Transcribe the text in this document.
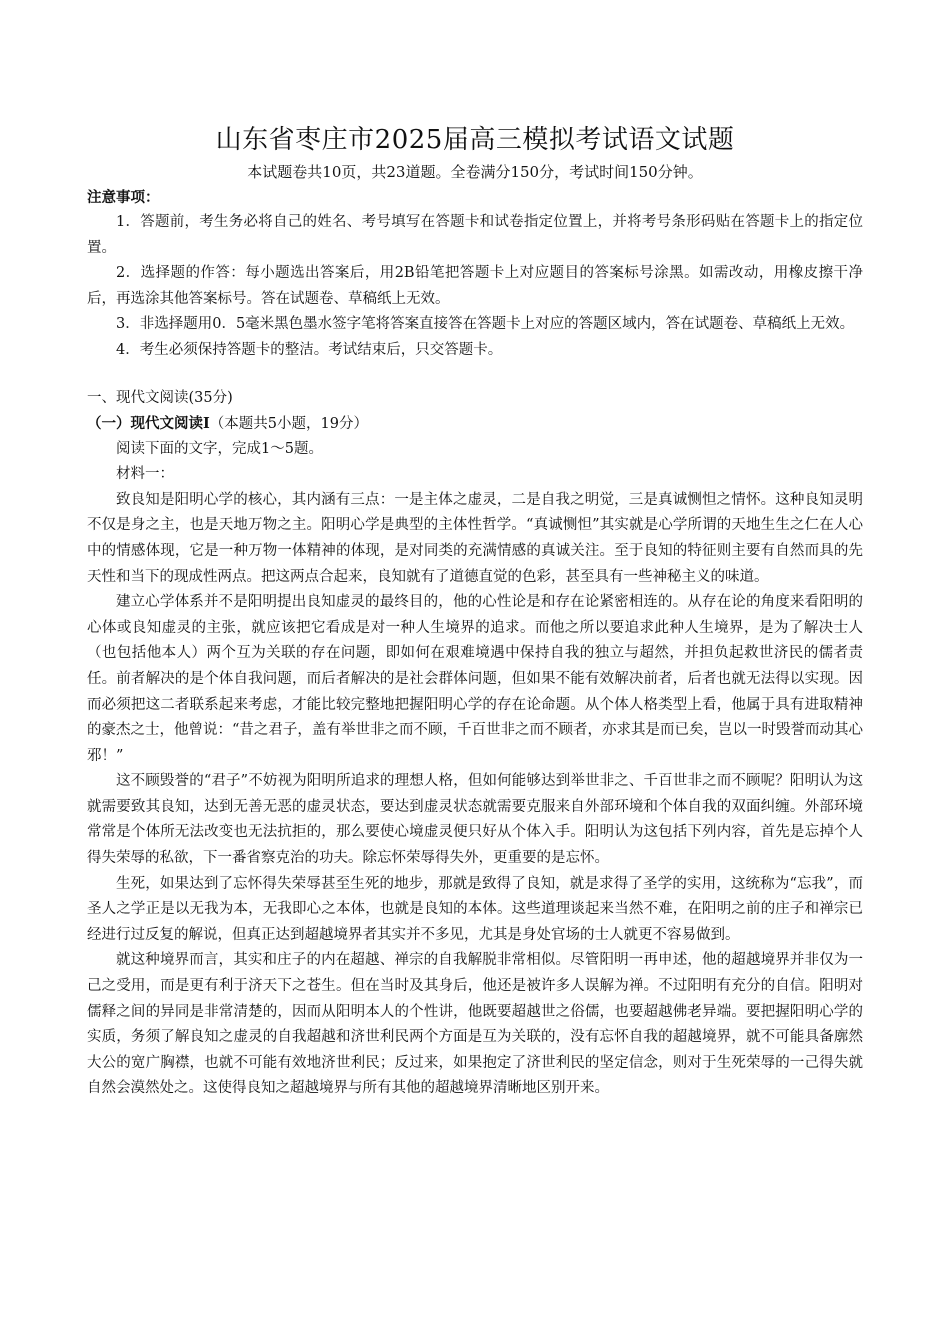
山东省枣庄市2025届高三模拟考试语文试题
本试题卷共10页，共23道题。全卷满分150分，考试时间150分钟。
注意事项：

1．答题前，考生务必将自己的姓名、考号填写在答题卡和试卷指定位置上，并将考号条形码贴在答题卡上的指定位置。

2．选择题的作答：每小题选出答案后，用2B铅笔把答题卡上对应题目的答案标号涂黑。如需改动，用橡皮擦干净后，再选涂其他答案标号。答在试题卷、草稿纸上无效。

3．非选择题用0．5毫米黑色墨水签字笔将答案直接答在答题卡上对应的答题区域内，答在试题卷、草稿纸上无效。

4．考生必须保持答题卡的整洁。考试结束后，只交答题卡。

一、现代文阅读(35分)
（一）现代文阅读Ⅰ（本题共5小题，19分）

阅读下面的文字，完成1～5题。

材料一：

致良知是阳明心学的核心，其内涵有三点：一是主体之虚灵，二是自我之明觉，三是真诚恻怛之情怀。这种良知灵明不仅是身之主，也是天地万物之主。阳明心学是典型的主体性哲学。“真诚恻怛”其实就是心学所谓的天地生生之仁在人心中的情感体现，它是一种万物一体精神的体现，是对同类的充满情感的真诚关注。至于良知的特征则主要有自然而具的先天性和当下的现成性两点。把这两点合起来，良知就有了道德直觉的色彩，甚至具有一些神秘主义的味道。

建立心学体系并不是阳明提出良知虚灵的最终目的，他的心性论是和存在论紧密相连的。从存在论的角度来看阳明的心体或良知虚灵的主张，就应该把它看成是对一种人生境界的追求。而他之所以要追求此种人生境界，是为了解决士人（也包括他本人）两个互为关联的存在问题，即如何在艰难境遇中保持自我的独立与超然，并担负起救世济民的儒者责任。前者解决的是个体自我问题，而后者解决的是社会群体问题，但如果不能有效解决前者，后者也就无法得以实现。因而必须把这二者联系起来考虑，才能比较完整地把握阳明心学的存在论命题。从个体人格类型上看，他属于具有进取精神的豪杰之士，他曾说：“昔之君子，盖有举世非之而不顾，千百世非之而不顾者，亦求其是而已矣，岂以一时毁誉而动其心邪！”

这不顾毁誉的“君子”不妨视为阳明所追求的理想人格，但如何能够达到举世非之、千百世非之而不顾呢？阳明认为这就需要致其良知，达到无善无恶的虚灵状态，要达到虚灵状态就需要克服来自外部环境和个体自我的双面纠缠。外部环境常常是个体所无法改变也无法抗拒的，那么要使心境虚灵便只好从个体入手。阳明认为这包括下列内容，首先是忘掉个人得失荣辱的私欲，下一番省察克治的功夫。除忘怀荣辱得失外，更重要的是忘怀。

生死，如果达到了忘怀得失荣辱甚至生死的地步，那就是致得了良知，就是求得了圣学的实用，这统称为“忘我”，而圣人之学正是以无我为本，无我即心之本体，也就是良知的本体。这些道理谈起来当然不难，在阳明之前的庄子和禅宗已经进行过反复的解说，但真正达到超越境界者其实并不多见，尤其是身处官场的士人就更不容易做到。

就这种境界而言，其实和庄子的内在超越、禅宗的自我解脱非常相似。尽管阳明一再申述，他的超越境界并非仅为一己之受用，而是更有利于济天下之苍生。但在当时及其身后，他还是被许多人误解为禅。不过阳明有充分的自信。阳明对儒释之间的异同是非常清楚的，因而从阳明本人的个性讲，他既要超越世之俗儒，也要超越佛老异端。要把握阳明心学的实质，务须了解良知之虚灵的自我超越和济世利民两个方面是互为关联的，没有忘怀自我的超越境界，就不可能具备廓然大公的宽广胸襟，也就不可能有效地济世利民；反过来，如果抱定了济世利民的坚定信念，则对于生死荣辱的一己得失就自然会漠然处之。这使得良知之超越境界与所有其他的超越境界清晰地区别开来。
